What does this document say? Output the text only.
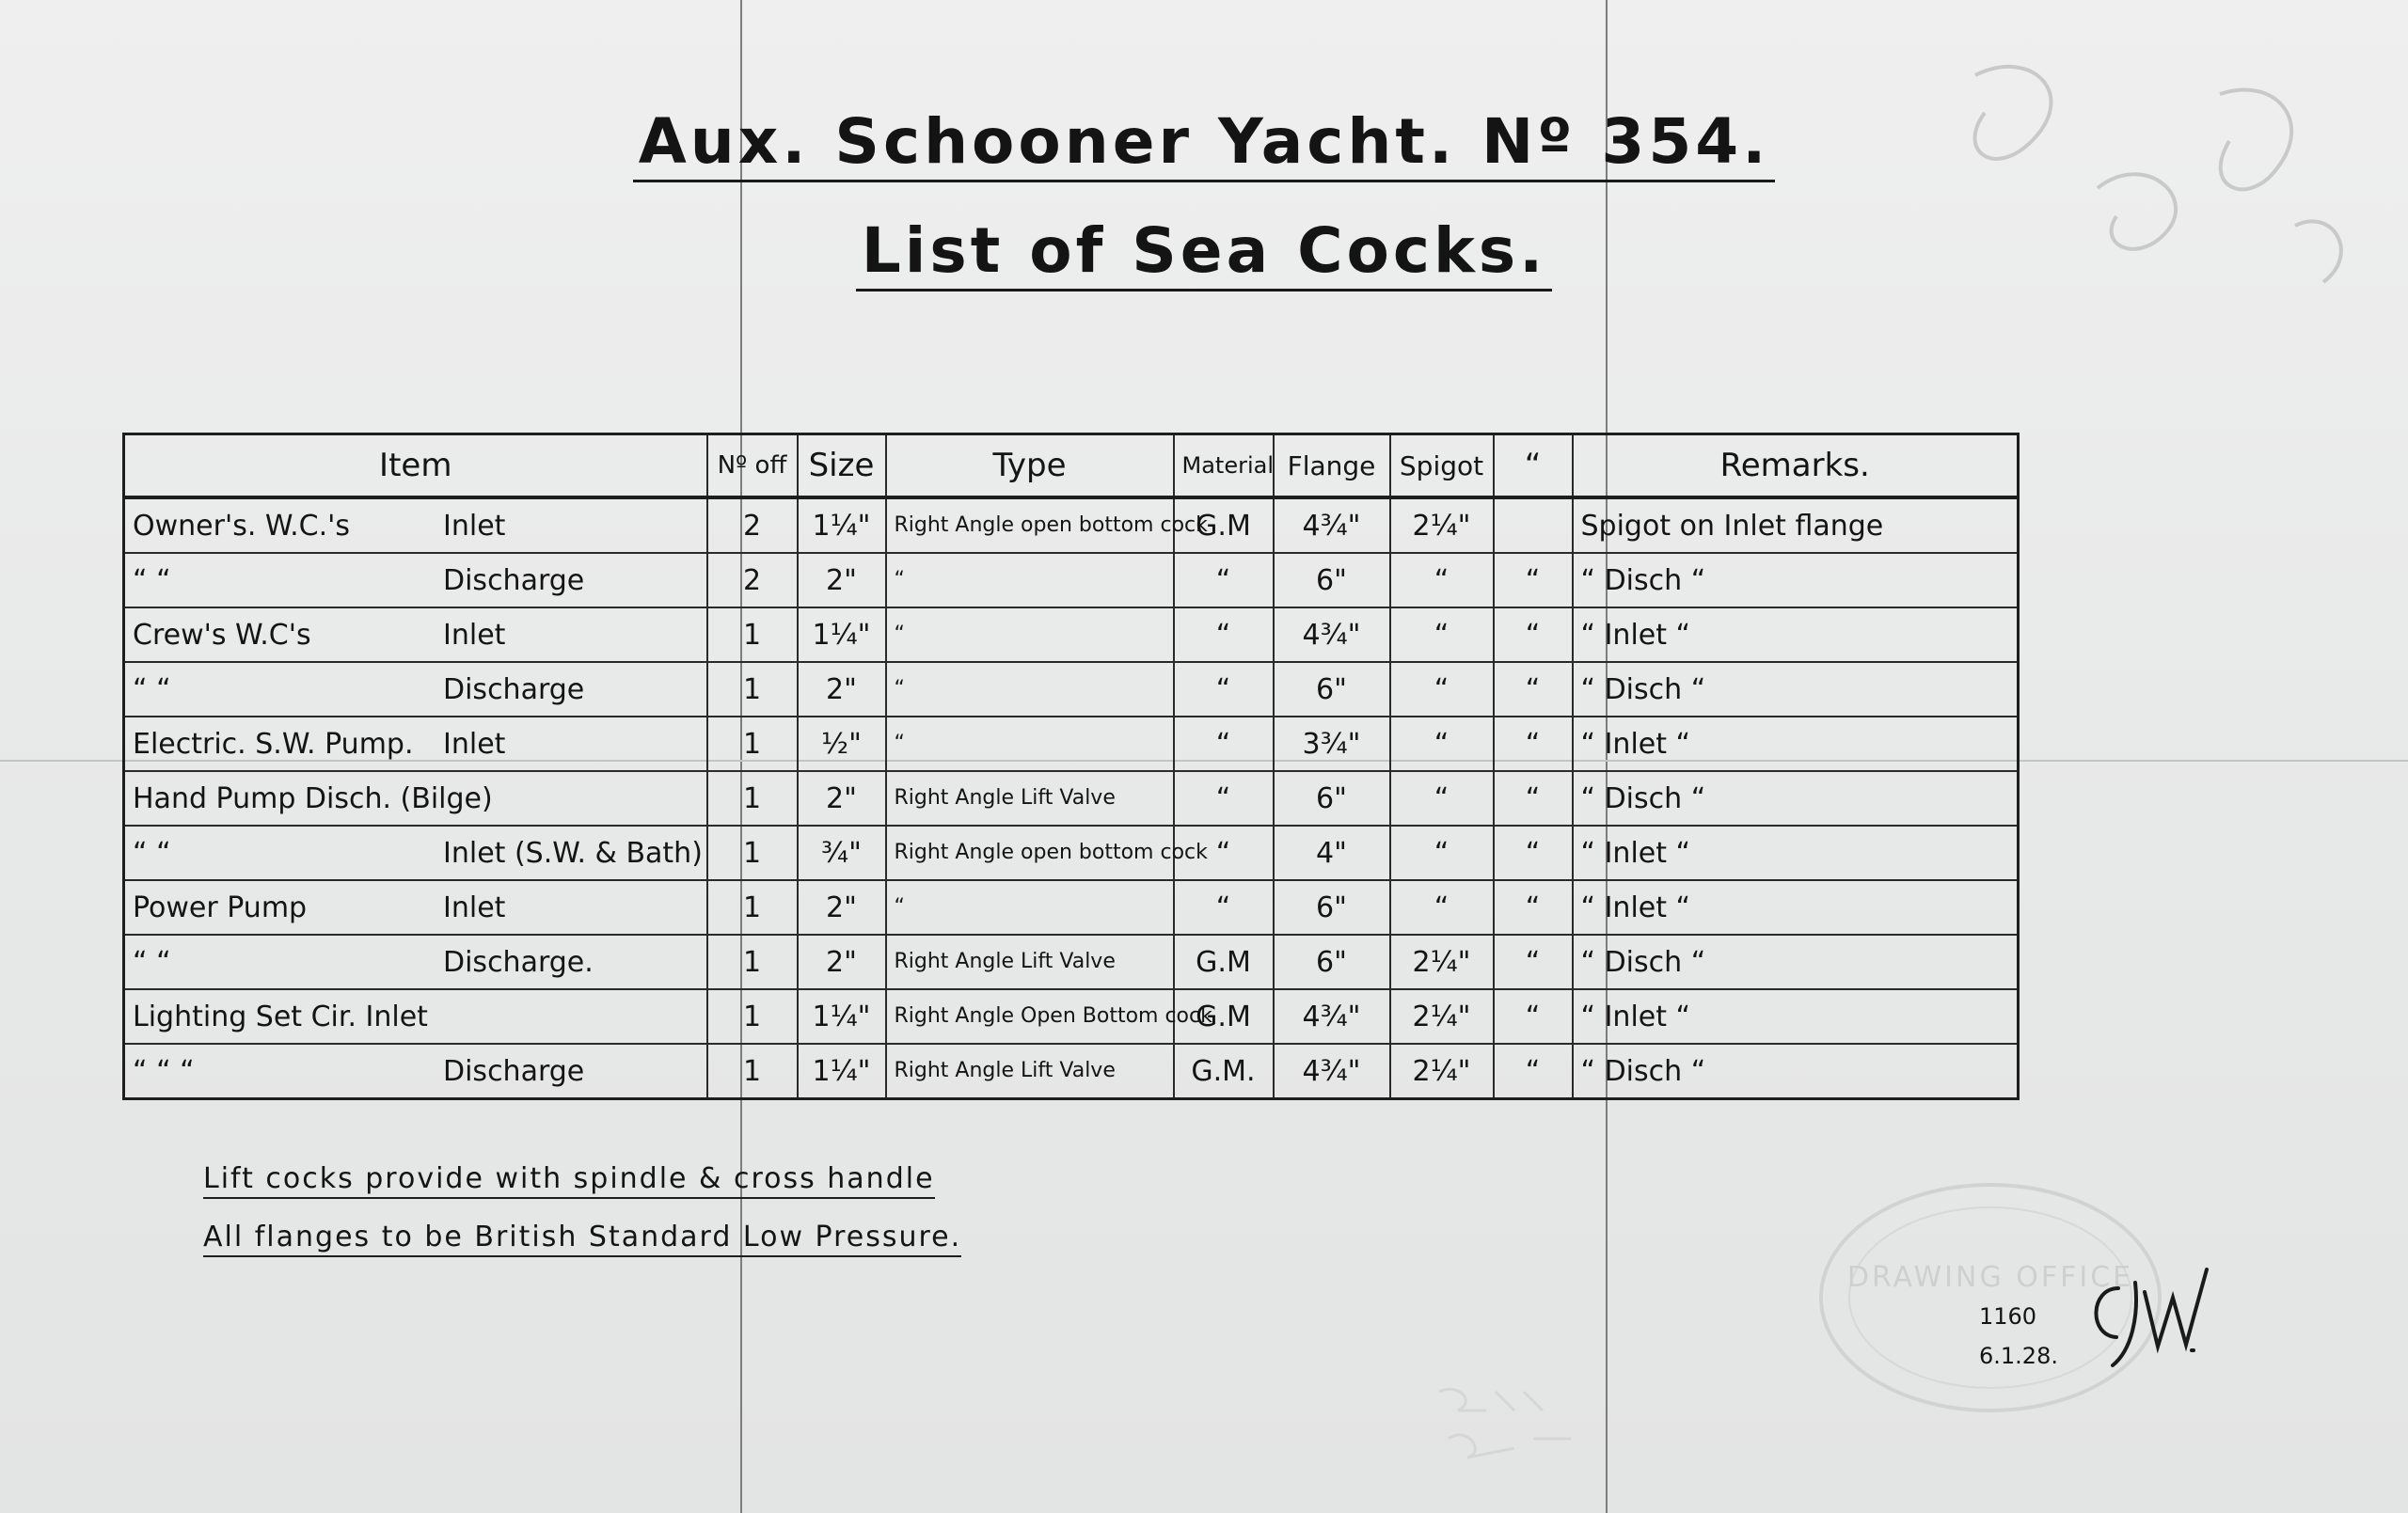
Aux. Schooner Yacht. Nº 354.
List of Sea Cocks.
Item	Nº off	Size	Type	Material	Flange	Spigot	“	Remarks.
Owner's. W.C.'s Inlet	2	1¼"	Right Angle open bottom cock	G.M	4¾"	2¼"		Spigot on Inlet flange
“ “ Discharge	2	2"	“	“	6"	“	“	“ Disch “
Crew's W.C's Inlet	1	1¼"	“	“	4¾"	“	“	“ Inlet “
“ “ Discharge	1	2"	“	“	6"	“	“	“ Disch “
Electric. S.W. Pump. Inlet	1	½"	“	“	3¾"	“	“	“ Inlet “
Hand Pump Disch. (Bilge)	1	2"	Right Angle Lift Valve	“	6"	“	“	“ Disch “
“ “ Inlet (S.W. & Bath)	1	¾"	Right Angle open bottom cock	“	4"	“	“	“ Inlet “
Power Pump Inlet	1	2"	“	“	6"	“	“	“ Inlet “
“ “ Discharge.	1	2"	Right Angle Lift Valve	G.M	6"	2¼"	“	“ Disch “
Lighting Set Cir. Inlet	1	1¼"	Right Angle Open Bottom cock	G.M	4¾"	2¼"	“	“ Inlet “
“ “ “ Discharge	1	1¼"	Right Angle Lift Valve	G.M.	4¾"	2¼"	“	“ Disch “
Lift cocks provide with spindle & cross handle
All flanges to be British Standard Low Pressure.
DRAWING OFFICE
1160
6.1.28.
